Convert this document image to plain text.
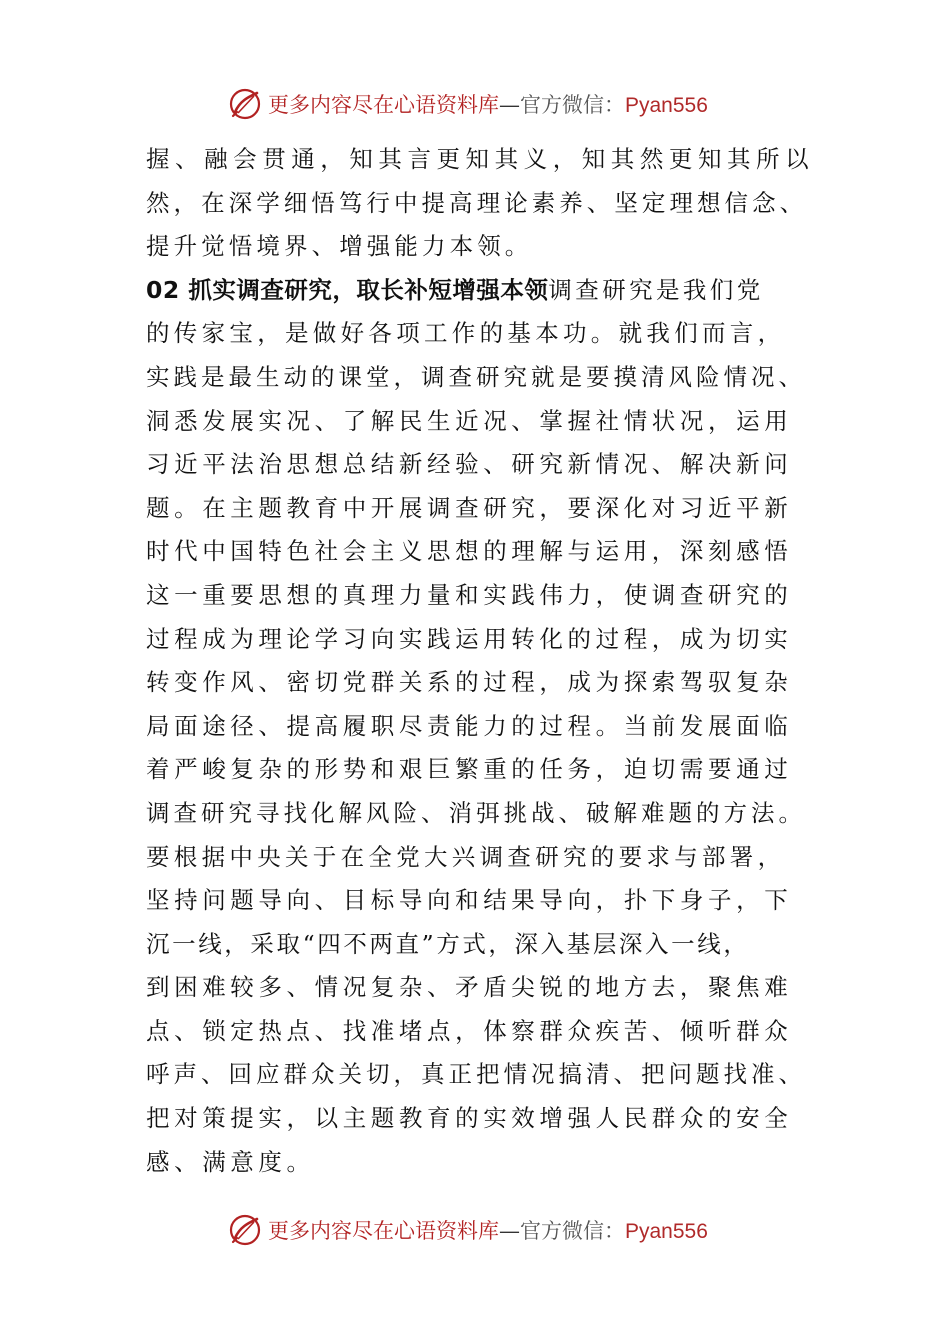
更多内容尽在心语资料库—官方微信：Pyan556
握、融会贯通，知其言更知其义，知其然更知其所以
然，在深学细悟笃行中提高理论素养、坚定理想信念、
提升觉悟境界、增强能力本领。
02 抓实调查研究，取长补短增强本领调查研究是我们党
的传家宝，是做好各项工作的基本功。就我们而言，
实践是最生动的课堂，调查研究就是要摸清风险情况、
洞悉发展实况、了解民生近况、掌握社情状况，运用
习近平法治思想总结新经验、研究新情况、解决新问
题。在主题教育中开展调查研究，要深化对习近平新
时代中国特色社会主义思想的理解与运用，深刻感悟
这一重要思想的真理力量和实践伟力，使调查研究的
过程成为理论学习向实践运用转化的过程，成为切实
转变作风、密切党群关系的过程，成为探索驾驭复杂
局面途径、提高履职尽责能力的过程。当前发展面临
着严峻复杂的形势和艰巨繁重的任务，迫切需要通过
调查研究寻找化解风险、消弭挑战、破解难题的方法。
要根据中央关于在全党大兴调查研究的要求与部署，
坚持问题导向、目标导向和结果导向，扑下身子，下
沉一线，采取“四不两直”方式，深入基层深入一线，
到困难较多、情况复杂、矛盾尖锐的地方去，聚焦难
点、锁定热点、找准堵点，体察群众疾苦、倾听群众
呼声、回应群众关切，真正把情况搞清、把问题找准、
把对策提实，以主题教育的实效增强人民群众的安全
感、满意度。
更多内容尽在心语资料库—官方微信：Pyan556
